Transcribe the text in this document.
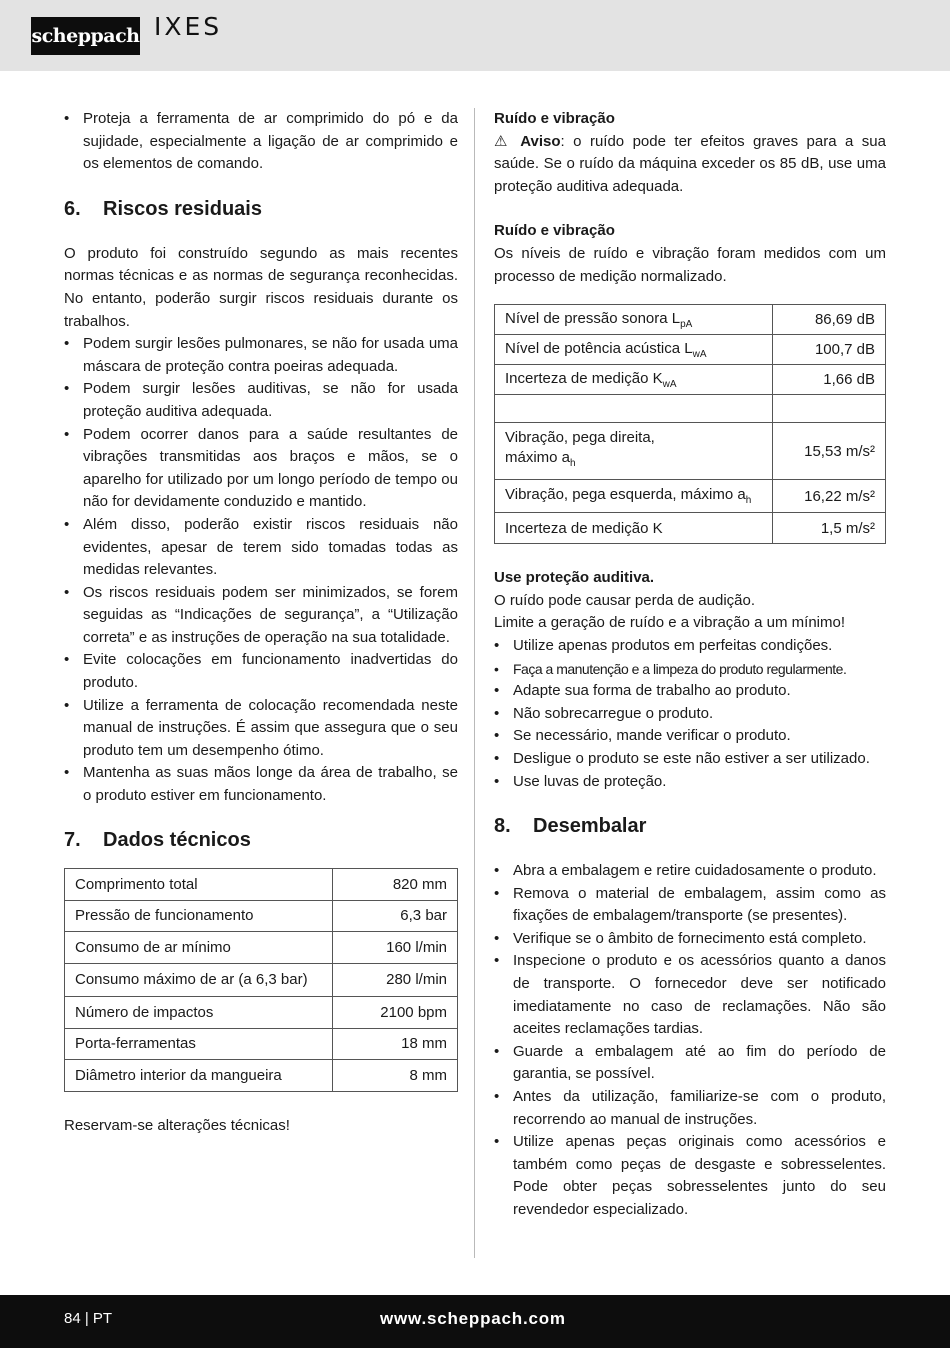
scheppach IXES
• Proteja a ferramenta de ar comprimido do pó e da sujidade, especialmente a ligação de ar comprimido e os elementos de comando.
6. Riscos residuais

O produto foi construído segundo as mais recentes normas técnicas e as normas de segurança reconhecidas. No entanto, poderão surgir riscos residuais durante os trabalhos.

• Podem surgir lesões pulmonares, se não for usada uma máscara de proteção contra poeiras adequada.
• Podem surgir lesões auditivas, se não for usada proteção auditiva adequada.
• Podem ocorrer danos para a saúde resultantes de vibrações transmitidas aos braços e mãos, se o aparelho for utilizado por um longo período de tempo ou não for devidamente conduzido e mantido.
• Além disso, poderão existir riscos residuais não evidentes, apesar de terem sido tomadas todas as medidas relevantes.
• Os riscos residuais podem ser minimizados, se forem seguidas as “Indicações de segurança”, a “Utilização correta” e as instruções de operação na sua totalidade.
• Evite colocações em funcionamento inadvertidas do produto.
• Utilize a ferramenta de colocação recomendada neste manual de instruções. É assim que assegura que o seu produto tem um desempenho ótimo.
• Mantenha as suas mãos longe da área de trabalho, se o produto estiver em funcionamento.
7. Dados técnicos
Comprimento total	820 mm
Pressão de funcionamento	6,3 bar
Consumo de ar mínimo	160 l/min
Consumo máximo de ar (a 6,3 bar)	280 l/min
Número de impactos	2100 bpm
Porta-ferramentas	18 mm
Diâmetro interior da mangueira	8 mm

Reservam-se alterações técnicas!

Ruído e vibração

⚠ Aviso: o ruído pode ter efeitos graves para a sua saúde. Se o ruído da máquina exceder os 85 dB, use uma proteção auditiva adequada.

Ruído e vibração

Os níveis de ruído e vibração foram medidos com um processo de medição normalizado.

Nível de pressão sonora $L_{pA}$	86,69 dB
Nível de potência acústica $L_{wA}$	100,7 dB
Incerteza de medição $K_{wA}$	1,66 dB

Vibração, pega direita,
máximo $a_h$	15,53 m/s²
Vibração, pega esquerda, máximo $a_h$	16,22 m/s²
Incerteza de medição K	1,5 m/s²
Use proteção auditiva.

O ruído pode causar perda de audição.

Limite a geração de ruído e a vibração a um mínimo!

• Utilize apenas produtos em perfeitas condições.
• Faça a manutenção e a limpeza do produto regularmente.
• Adapte sua forma de trabalho ao produto.
• Não sobrecarregue o produto.
• Se necessário, mande verificar o produto.
• Desligue o produto se este não estiver a ser utilizado.
• Use luvas de proteção.
8. Desembalar
• Abra a embalagem e retire cuidadosamente o produto.
• Remova o material de embalagem, assim como as fixações de embalagem/transporte (se presentes).
• Verifique se o âmbito de fornecimento está completo.
• Inspecione o produto e os acessórios quanto a danos de transporte. O fornecedor deve ser notificado imediatamente no caso de reclamações. Não são aceites reclamações tardias.
• Guarde a embalagem até ao fim do período de garantia, se possível.
• Antes da utilização, familiarize-se com o produto, recorrendo ao manual de instruções.
• Utilize apenas peças originais como acessórios e também como peças de desgaste e sobresselentes. Pode obter peças sobresselentes junto do seu revendedor especializado.
84 | PT	www.scheppach.com
